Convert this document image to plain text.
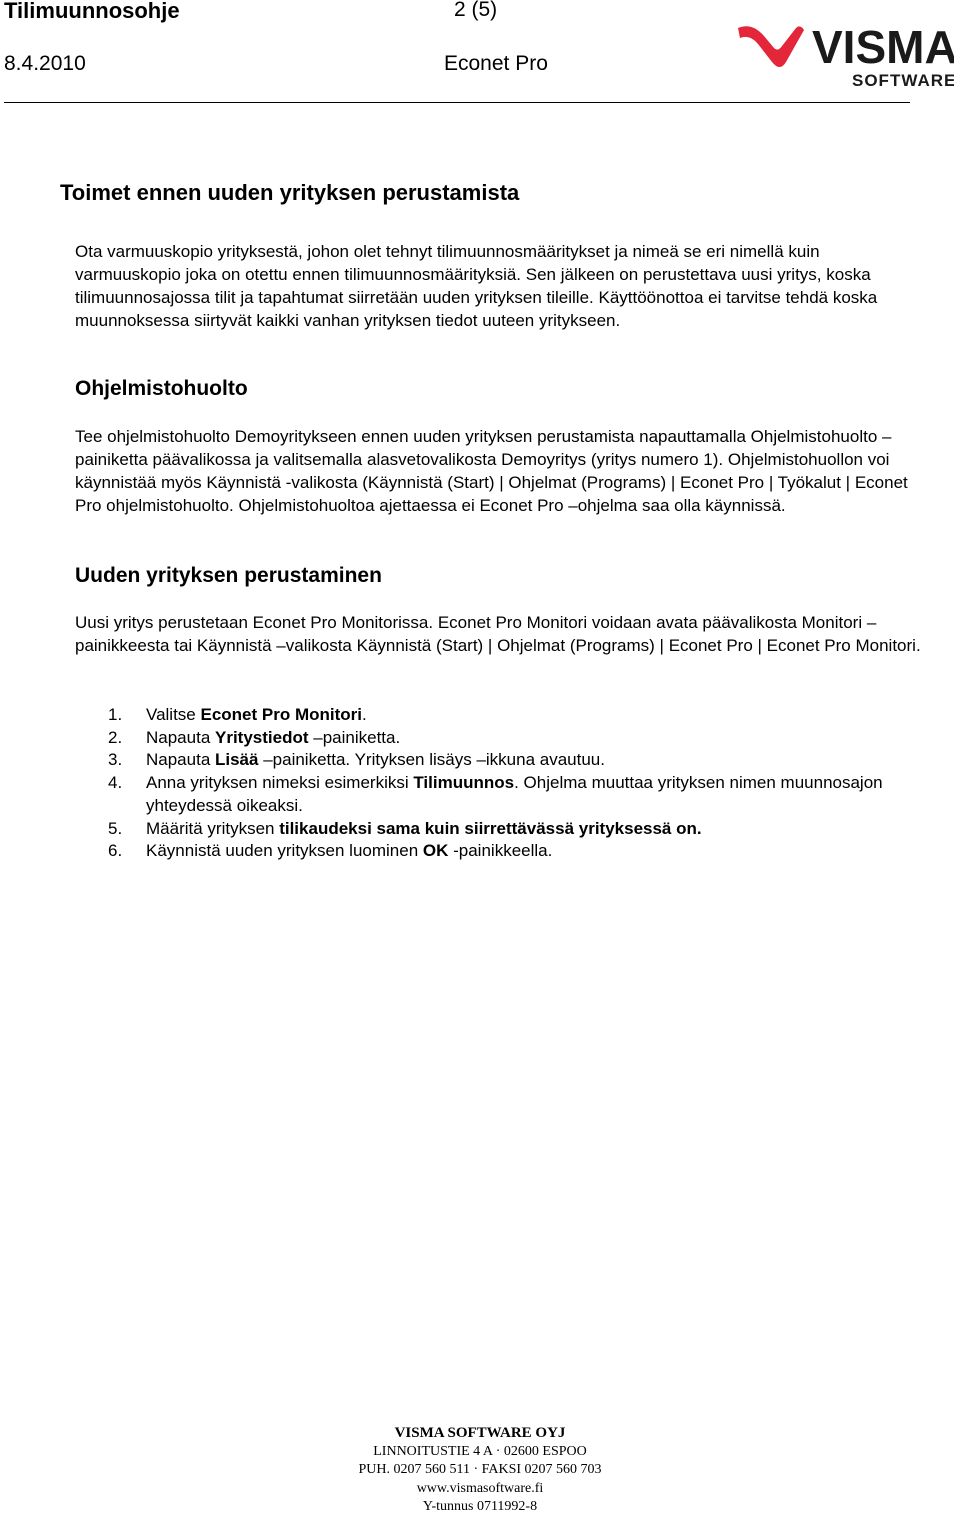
Tilimuunnosohje	2 (5)
8.4.2010	Econet Pro	VISMA
SOFTWARE
Toimet ennen uuden yrityksen perustamista

Ota varmuuskopio yrityksestä, johon olet tehnyt tilimuunnosmääritykset ja nimeä se eri nimellä kuin varmuuskopio joka on otettu ennen tilimuunnosmäärityksiä. Sen jälkeen on perustettava uusi yritys, koska tilimuunnosajossa tilit ja tapahtumat siirretään uuden yrityksen tileille. Käyttöönottoa ei tarvitse tehdä koska muunnoksessa siirtyvät kaikki vanhan yrityksen tiedot uuteen yritykseen.

Ohjelmistohuolto

Tee ohjelmistohuolto Demoyritykseen ennen uuden yrityksen perustamista napauttamalla Ohjelmistohuolto –painiketta päävalikossa ja valitsemalla alasvetovalikosta Demoyritys (yritys numero 1). Ohjelmistohuollon voi käynnistää myös Käynnistä -valikosta (Käynnistä (Start) | Ohjelmat (Programs) | Econet Pro | Työkalut | Econet Pro ohjelmistohuolto. Ohjelmistohuoltoa ajettaessa ei Econet Pro –ohjelma saa olla käynnissä.

Uuden yrityksen perustaminen

Uusi yritys perustetaan Econet Pro Monitorissa. Econet Pro Monitori voidaan avata päävalikosta Monitori –painikkeesta tai Käynnistä –valikosta Käynnistä (Start) | Ohjelmat (Programs) | Econet Pro | Econet Pro Monitori.

1. Valitse Econet Pro Monitori.
2. Napauta Yritystiedot –painiketta.
3. Napauta Lisää –painiketta. Yrityksen lisäys –ikkuna avautuu.
4. Anna yrityksen nimeksi esimerkiksi Tilimuunnos. Ohjelma muuttaa yrityksen nimen muunnosajon yhteydessä oikeaksi.
5. Määritä yrityksen tilikaudeksi sama kuin siirrettävässä yrityksessä on.
6. Käynnistä uuden yrityksen luominen OK -painikkeella.
VISMA SOFTWARE OYJ
LINNOITUSTIE 4 A · 02600 ESPOO
PUH. 0207 560 511 · FAKSI 0207 560 703
www.vismasoftware.fi
Y-tunnus 0711992-8
